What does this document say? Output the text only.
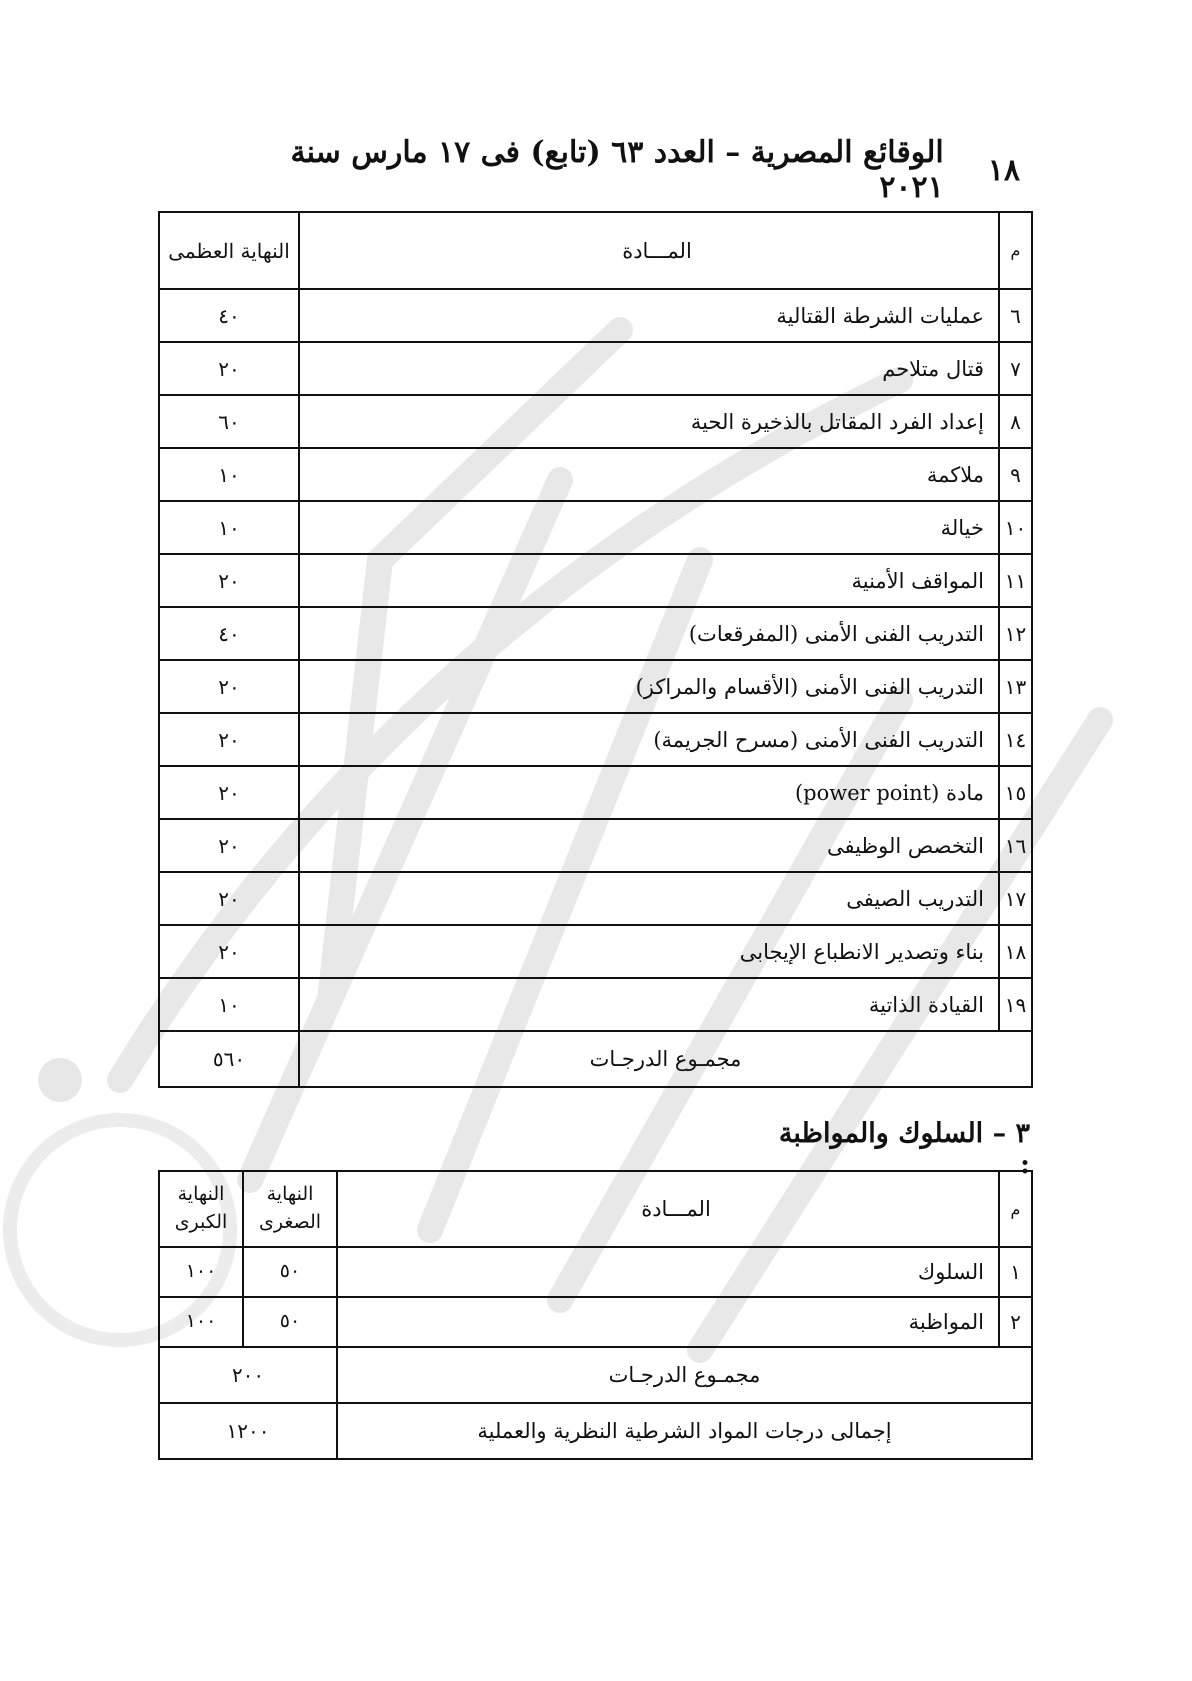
١٨
الوقائع المصرية – العدد ٦٣ (تابع) فى ١٧ مارس سنة ٢٠٢١
م	المـــادة	النهاية العظمى
٦	عمليات الشرطة القتالية	٤٠
٧	قتال متلاحم	٢٠
٨	إعداد الفرد المقاتل بالذخيرة الحية	٦٠
٩	ملاكمة	١٠
١٠	خيالة	١٠
١١	المواقف الأمنية	٢٠
١٢	التدريب الفنى الأمنى (المفرقعات)	٤٠
١٣	التدريب الفنى الأمنى (الأقسام والمراكز)	٢٠
١٤	التدريب الفنى الأمنى (مسرح الجريمة)	٢٠
١٥	مادة (power point)	٢٠
١٦	التخصص الوظيفى	٢٠
١٧	التدريب الصيفى	٢٠
١٨	بناء وتصدير الانطباع الإيجابى	٢٠
١٩	القيادة الذاتية	١٠
مجمـوع الدرجـات		٥٦٠
٣ – السلوك والمواظبة :
م	المـــادة	النهاية الصغرى	النهاية الكبرى
١	السلوك	٥٠	١٠٠
٢	المواظبة	٥٠	١٠٠
مجمـوع الدرجـات		٢٠٠	
إجمالى درجات المواد الشرطية النظرية والعملية		١٢٠٠	
